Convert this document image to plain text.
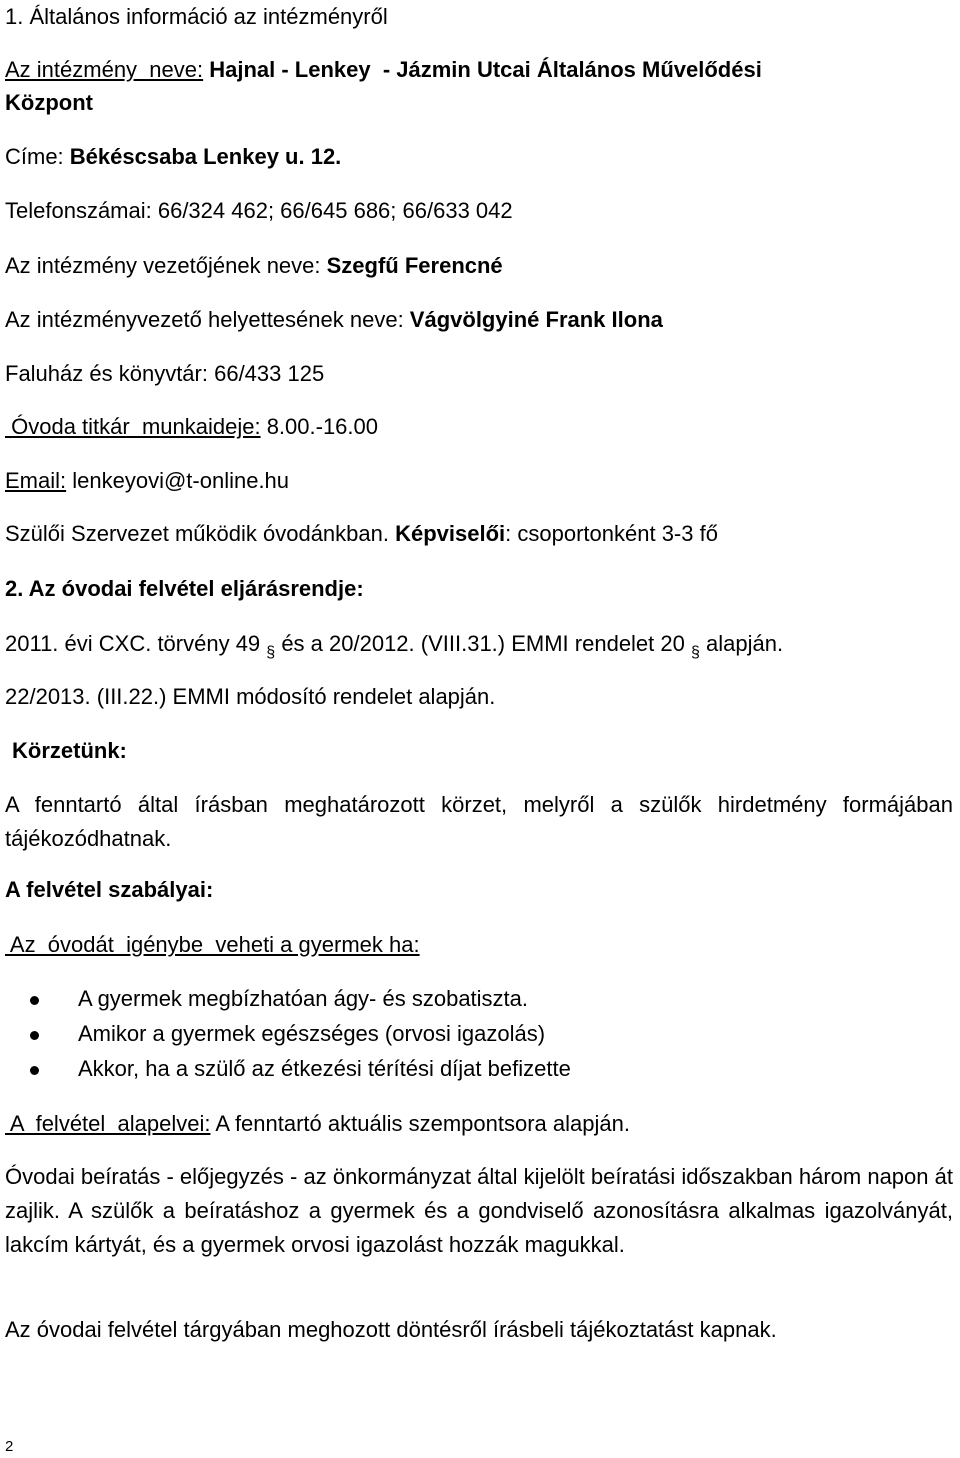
1. Általános információ az intézményről
Az intézmény  neve: Hajnal - Lenkey  - Jázmin Utcai Általános Művelődési
Központ
Címe: Békéscsaba Lenkey u. 12.
Telefonszámai: 66/324 462; 66/645 686; 66/633 042
Az intézmény vezetőjének neve: Szegfű Ferencné
Az intézményvezető helyettesének neve: Vágvölgyiné Frank Ilona
Faluház és könyvtár: 66/433 125
Óvoda titkár  munkaideje: 8.00.-16.00
Email: lenkeyovi@t-online.hu
Szülői Szervezet működik óvodánkban. Képviselői: csoportonként 3-3 fő
2. Az óvodai felvétel eljárásrendje:
2011. évi CXC. törvény 49 $_\S$ és a 20/2012. (VIII.31.) EMMI rendelet 20 $_\S$ alapján.
22/2013. (III.22.) EMMI módosító rendelet alapján.
Körzetünk:
A fenntartó által írásban meghatározott körzet, melyről a szülők hirdetmény formájában tájékozódhatnak.
A felvétel szabályai:
Az  óvodát  igénybe  veheti a gyermek ha:
A gyermek megbízhatóan ágy- és szobatiszta.
Amikor a gyermek egészséges (orvosi igazolás)
Akkor, ha a szülő az étkezési térítési díjat befizette
A  felvétel  alapelvei: A fenntartó aktuális szempontsora alapján.
Óvodai beíratás - előjegyzés - az önkormányzat által kijelölt beíratási időszakban három napon át zajlik. A szülők a beíratáshoz a gyermek és a gondviselő azonosításra alkalmas igazolványát, lakcím kártyát, és a gyermek orvosi igazolást hozzák magukkal.
Az óvodai felvétel tárgyában meghozott döntésről írásbeli tájékoztatást kapnak.
2
